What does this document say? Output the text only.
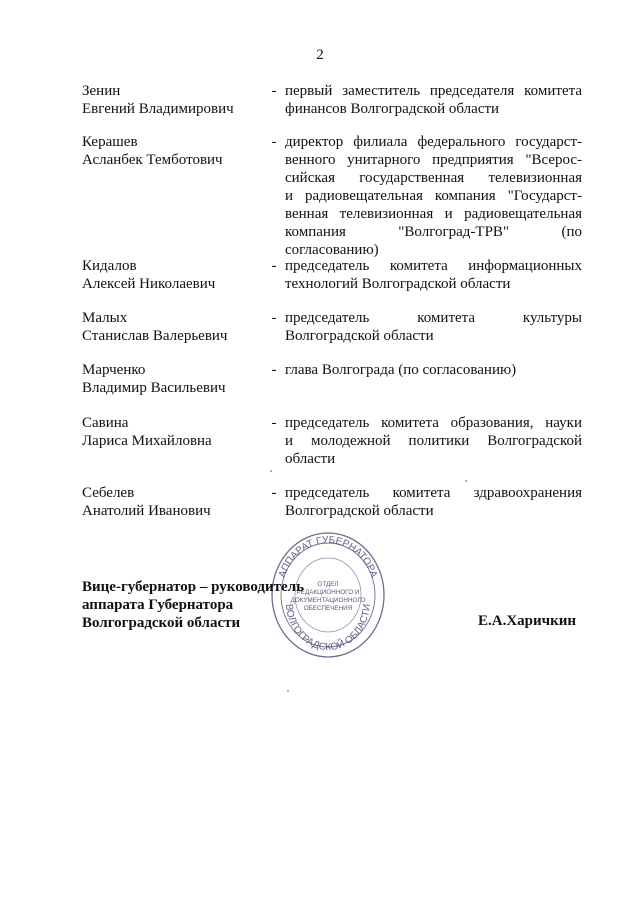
2
Зенин
Евгений Владимирович
- первый заместитель председателя комитета
финансов Волгоградской области
Керашев
Асланбек Темботович
- директор филиала федерального государст-
венного унитарного предприятия "Всерос-
сийская государственная телевизионная
и радиовещательная компания "Государст-
венная телевизионная и радиовещательная
компания "Волгоград-ТРВ" (по согласованию)
Кидалов
Алексей Николаевич
- председатель комитета информационных
технологий Волгоградской области
Малых
Станислав Валерьевич
- председатель комитета культуры
Волгоградской области
Марченко
Владимир Васильевич
- глава Волгограда (по согласованию)
Савина
Лариса Михайловна
- председатель комитета образования, науки
и молодежной политики Волгоградской
области
Себелев
Анатолий Иванович
- председатель комитета здравоохранения
Волгоградской области
АППАРАТ ГУБЕРНАТОРА
ВОЛГОГРАДСКОЙ ОБЛАСТИ
ОТДЕЛ
РЕДАКЦИОННОГО И
ДОКУМЕНТАЦИОННОГО
ОБЕСПЕЧЕНИЯ
Вице-губернатор – руководитель
аппарата Губернатора
Волгоградской области	Е.А.Харичкин
